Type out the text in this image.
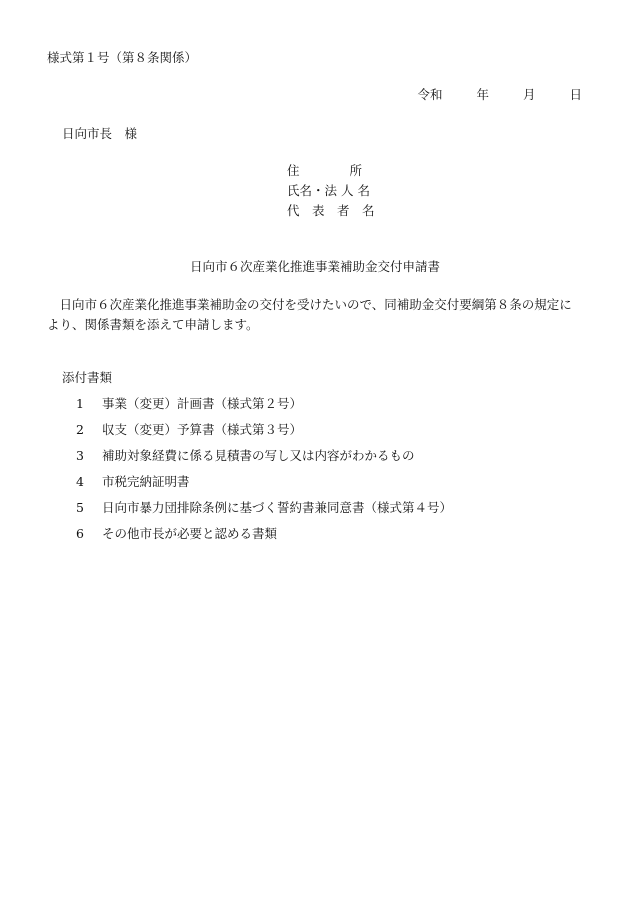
様式第１号（第８条関係）
令和	年	月	日
日向市長　様
住　　　　所
氏名・法 人 名
代　表　者　名
日向市６次産業化推進事業補助金交付申請書
日向市６次産業化推進事業補助金の交付を受けたいので、同補助金交付要綱第８条の規定により、関係書類を添えて申請します。
添付書類
1	事業（変更）計画書（様式第２号）
2	収支（変更）予算書（様式第３号）
3	補助対象経費に係る見積書の写し又は内容がわかるもの
4	市税完納証明書
5	日向市暴力団排除条例に基づく誓約書兼同意書（様式第４号）
6	その他市長が必要と認める書類
